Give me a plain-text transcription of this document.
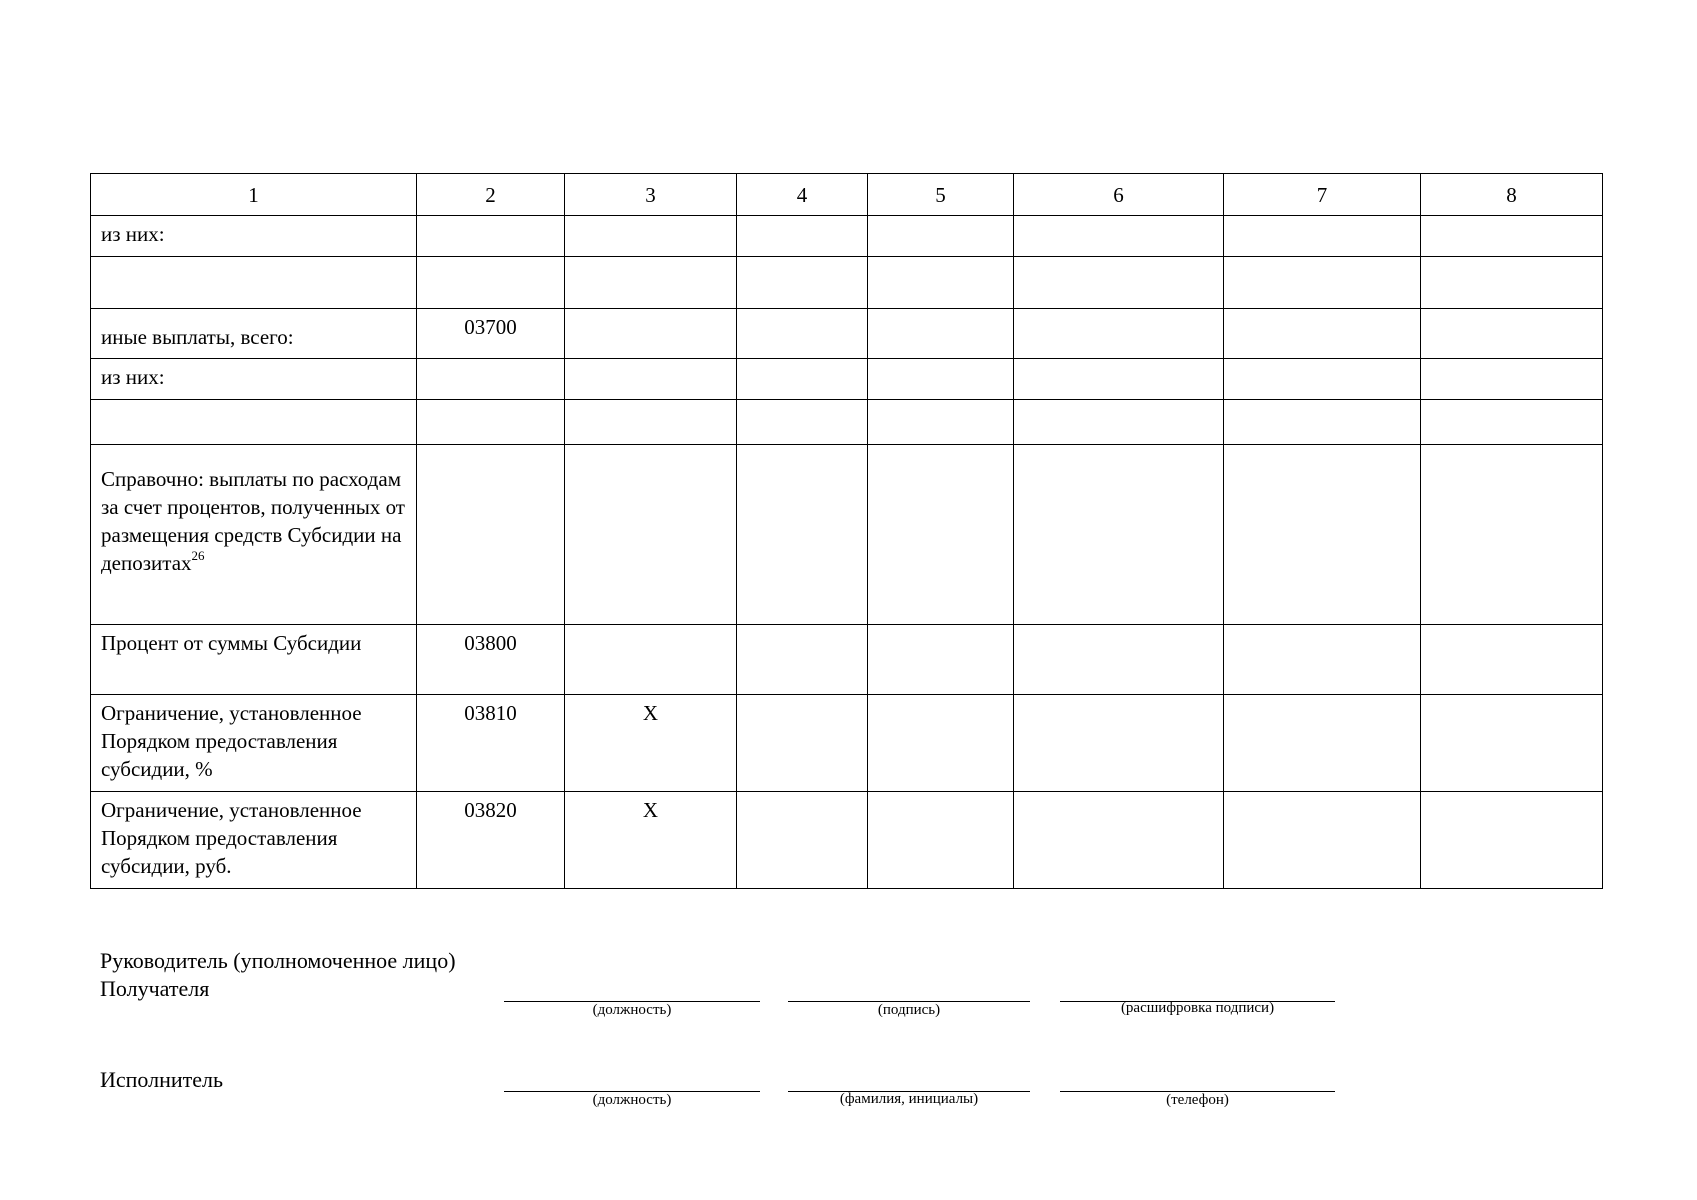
1	2	3	4	5	6	7	8
из них:							

иные выплаты, всего:	03700						
из них:							

Справочно: выплаты по расходам за счет процентов, полученных от размещения средств Субсидии на депозитах$^{26}$							
Процент от суммы Субсидии	03800						
Ограничение, установленное Порядком предоставления субсидии, %	03810	X					
Ограничение, установленное Порядком предоставления субсидии, руб.	03820	X					
Руководитель (уполномоченное лицо) Получателя
(должность)	(подпись)	(расшифровка подписи)
Исполнитель
(должность)	(фамилия, инициалы)	(телефон)
